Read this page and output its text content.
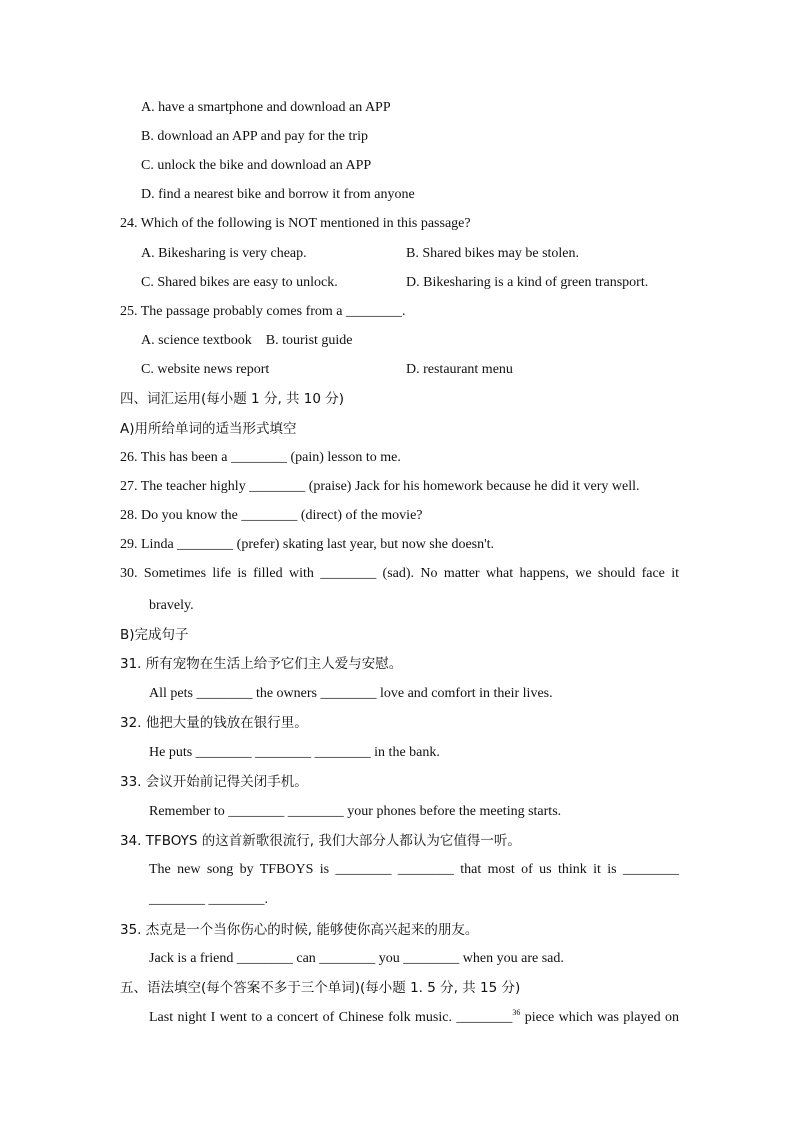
A. have a smartphone and download an APP
B. download an APP and pay for the trip
C. unlock the bike and download an APP
D. find a nearest bike and borrow it from anyone
24. Which of the following is NOT mentioned in this passage?
A. Bikesharing is very cheap.	B. Shared bikes may be stolen.
C. Shared bikes are easy to unlock.	D. Bikesharing is a kind of green transport.
25. The passage probably comes from a ________.
A. science textbook    B. tourist guide
C. website news report	D. restaurant menu
四、词汇运用(每小题 1 分, 共 10 分)
A)用所给单词的适当形式填空
26. This has been a ________ (pain) lesson to me.
27. The teacher highly ________ (praise) Jack for his homework because he did it very well.
28. Do you know the ________ (direct) of the movie?
29. Linda ________ (prefer) skating last year, but now she doesn't.
30. Sometimes life is filled with ________ (sad). No matter what happens, we should face it
bravely.
B)完成句子
31. 所有宠物在生活上给予它们主人爱与安慰。
All pets ________ the owners ________ love and comfort in their lives.
32. 他把大量的钱放在银行里。
He puts ________ ________ ________ in the bank.
33. 会议开始前记得关闭手机。
Remember to ________ ________ your phones before the meeting starts.
34. TFBOYS 的这首新歌很流行, 我们大部分人都认为它值得一听。
The new song by TFBOYS is ________ ________ that most of us think it is ________
________ ________.
35. 杰克是一个当你伤心的时候, 能够使你高兴起来的朋友。
Jack is a friend ________ can ________ you ________ when you are sad.
五、语法填空(每个答案不多于三个单词)(每小题 1. 5 分, 共 15 分)
Last night I went to a concert of Chinese folk music. ________$^{36}$ piece which was played on
